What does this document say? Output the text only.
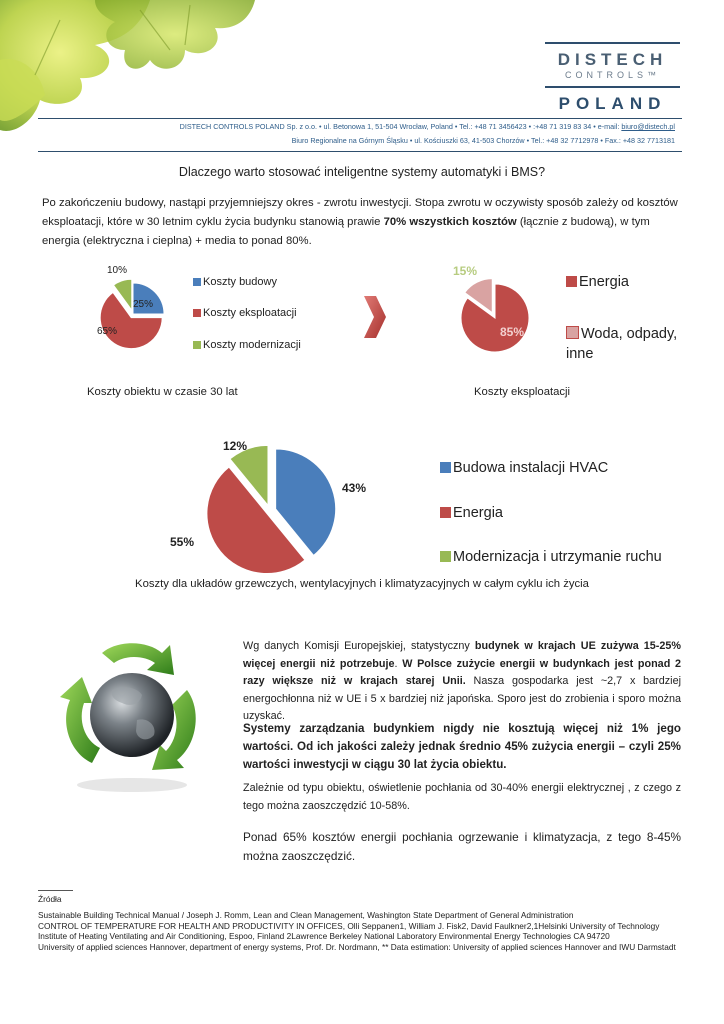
DISTECH
CONTROLS™
POLAND
DISTECH CONTROLS POLAND Sp. z o.o. • ul. Betonowa 1, 51-504 Wrocław, Poland • Tel.: +48 71 3456423 • :+48 71 319 83 34 • e-mail: biuro@distech.pl
Biuro Regionalne na Górnym Śląsku • ul. Kościuszki 63, 41-503 Chorzów • Tel.: +48 32 7712978 • Fax.: +48 32 7713181
Dlaczego warto stosować inteligentne systemy automatyki i BMS?
Po zakończeniu budowy, nastąpi przyjemniejszy okres - zwrotu inwestycji. Stopa zwrotu w oczywisty sposób zależy od kosztów eksploatacji, które w 30 letnim cyklu życia budynku stanowią prawie 70% wszystkich kosztów (łącznie z budową), w tym energia (elektryczna i cieplna) + media to ponad 80%.
25%
65%
10%
Koszty budowy
Koszty eksploatacji
Koszty modernizacji
Koszty obiektu w czasie 30 lat
85%
15%
Energia
Woda, odpady, inne
Koszty eksploatacji
43%
55%
12%
Budowa instalacji HVAC
Energia
Modernizacja i utrzymanie ruchu
Koszty dla układów grzewczych, wentylacyjnych i klimatyzacyjnych w całym cyklu ich życia
Wg danych Komisji Europejskiej, statystyczny budynek w krajach UE zużywa 15-25% więcej energii niż potrzebuje. W Polsce zużycie energii w budynkach jest ponad 2 razy większe niż w krajach starej Unii. Nasza gospodarka jest ~2,7 x bardziej energochłonna niż w UE i 5 x bardziej niż japońska. Sporo jest do zrobienia i sporo można uzyskać.
Systemy zarządzania budynkiem nigdy nie kosztują więcej niż 1% jego wartości. Od ich jakości zależy jednak średnio 45% zużycia energii – czyli 25% wartości inwestycji w ciągu 30 lat życia obiektu.
Zależnie od typu obiektu, oświetlenie pochłania od 30-40% energii elektrycznej , z czego z tego można zaoszczędzić 10-58%.
Ponad 65% kosztów energii pochłania ogrzewanie i klimatyzacja, z tego 8-45% można zaoszczędzić.
Źródła
Sustainable Building Technical Manual / Joseph J. Romm, Lean and Clean Management, Washington State Department of General Administration
CONTROL OF TEMPERATURE FOR HEALTH AND PRODUCTIVITY IN OFFICES, Olli Seppanen1, William J. Fisk2, David Faulkner2,1Helsinki University of Technology Institute of Heating Ventilating and Air Conditioning, Espoo, Finland 2Lawrence Berkeley National Laboratory Environmental Energy Technologies CA 94720
University of applied sciences Hannover, department of energy systems, Prof. Dr. Nordmann, ** Data estimation: University of applied sciences Hannover and IWU Darmstadt
